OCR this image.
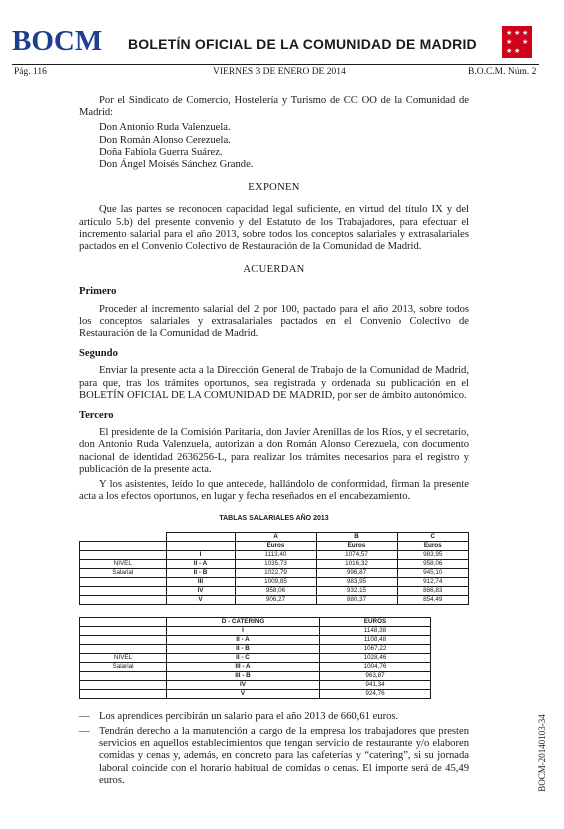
BOCM BOLETÍN OFICIAL DE LA COMUNIDAD DE MADRID
★ ★ ★
★ ★
★ ★
Pág. 116	VIERNES 3 DE ENERO DE 2014	B.O.C.M. Núm. 2

Por el Sindicato de Comercio, Hostelería y Turismo de CC OO de la Comunidad de Madrid:

Don Antonio Ruda Valenzuela.

Don Román Alonso Cerezuela.

Doña Fabiola Guerra Suárez.

Don Ángel Moisés Sánchez Grande.

EXPONEN

Que las partes se reconocen capacidad legal suficiente, en virtud del título IX y del artículo 5.b) del presente convenio y del Estatuto de los Trabajadores, para efectuar el incremento salarial para el año 2013, sobre todos los conceptos salariales y extrasalariales pactados en el Convenio Colectivo de Restauración de la Comunidad de Madrid.

ACUERDAN

Primero

Proceder al incremento salarial del 2 por 100, pactado para el año 2013, sobre todos los conceptos salariales y extrasalariales pactados en el Convenio Colectivo de Restauración de la Comunidad de Madrid.

Segundo

Enviar la presente acta a la Dirección General de Trabajo de la Comunidad de Madrid, para que, tras los trámites oportunos, sea registrada y ordenada su publicación en el BOLETÍN OFICIAL DE LA COMUNIDAD DE MADRID, por ser de ámbito autonómico.

Tercero

El presidente de la Comisión Paritaria, don Javier Arenillas de los Ríos, y el secretario, don Antonio Ruda Valenzuela, autorizan a don Román Alonso Cerezuela, con documento nacional de identidad 2636256-L, para realizar los trámites necesarios para el registro y publicación de la presente acta.

Y los asistentes, leído lo que antecede, hallándolo de conformidad, firman la presente acta a los efectos oportunos, en lugar y fecha reseñados en el encabezamiento.

TABLAS SALARIALES AÑO 2013

		A	B	C
		Euros	Euros	Euros
	I	1113,40	1074,57	983,95
NIVEL	II - A	1035,73	1016,32	958,06
Salarial	II - B	1022,79	996,87	945,10
	III	1009,85	983,95	912,74
	IV	958,06	932,15	886,83
	V	906,27	880,37	854,49
	D - CATERING	EUROS
	I	1148,38
	II - A	1108,48
	II - B	1067,22
NIVEL	II - C	1028,46
Salarial	III - A	1004,76
	III - B	963,87
	IV	941,34
	V	924,76

— Los aprendices percibirán un salario para el año 2013 de 660,61 euros.

— Tendrán derecho a la manutención a cargo de la empresa los trabajadores que presten servicios en aquellos establecimientos que tengan servicio de restaurante y/o elaboren comidas y cenas y, además, en concreto para las cafeterías y “catering”, si su jornada laboral coincide con el horario habitual de comidas o cenas. El importe será de 45,49 euros.	BOCM-20140103-34
